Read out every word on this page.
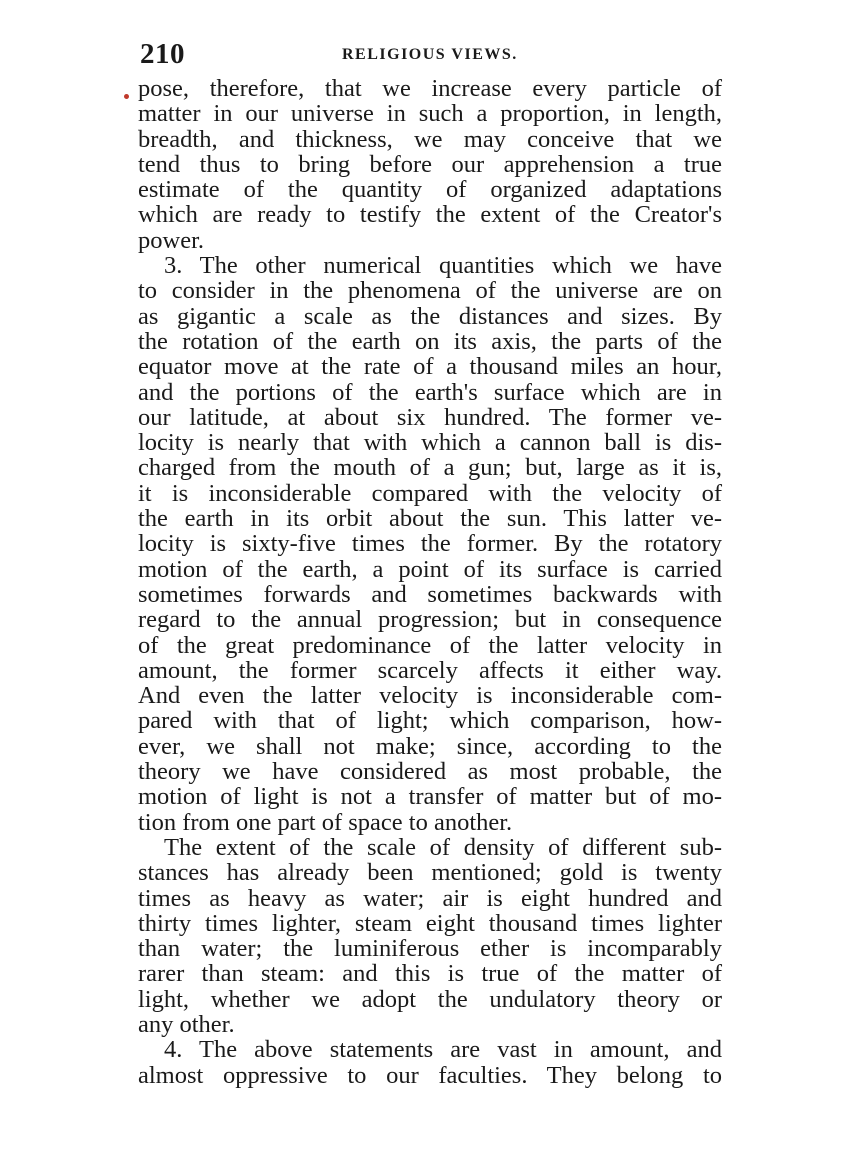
210	RELIGIOUS VIEWS.
pose, therefore, that we increase every particle of
matter in our universe in such a proportion, in length,
breadth, and thickness, we may conceive that we
tend thus to bring before our apprehension a true
estimate of the quantity of organized adaptations
which are ready to testify the extent of the Creator's
power.
3. The other numerical quantities which we have
to consider in the phenomena of the universe are on
as gigantic a scale as the distances and sizes. By
the rotation of the earth on its axis, the parts of the
equator move at the rate of a thousand miles an hour,
and the portions of the earth's surface which are in
our latitude, at about six hundred. The former ve-
locity is nearly that with which a cannon ball is dis-
charged from the mouth of a gun; but, large as it is,
it is inconsiderable compared with the velocity of
the earth in its orbit about the sun. This latter ve-
locity is sixty-five times the former. By the rotatory
motion of the earth, a point of its surface is carried
sometimes forwards and sometimes backwards with
regard to the annual progression; but in consequence
of the great predominance of the latter velocity in
amount, the former scarcely affects it either way.
And even the latter velocity is inconsiderable com-
pared with that of light; which comparison, how-
ever, we shall not make; since, according to the
theory we have considered as most probable, the
motion of light is not a transfer of matter but of mo-
tion from one part of space to another.
The extent of the scale of density of different sub-
stances has already been mentioned; gold is twenty
times as heavy as water; air is eight hundred and
thirty times lighter, steam eight thousand times lighter
than water; the luminiferous ether is incomparably
rarer than steam: and this is true of the matter of
light, whether we adopt the undulatory theory or
any other.
4. The above statements are vast in amount, and
almost oppressive to our faculties. They belong to
